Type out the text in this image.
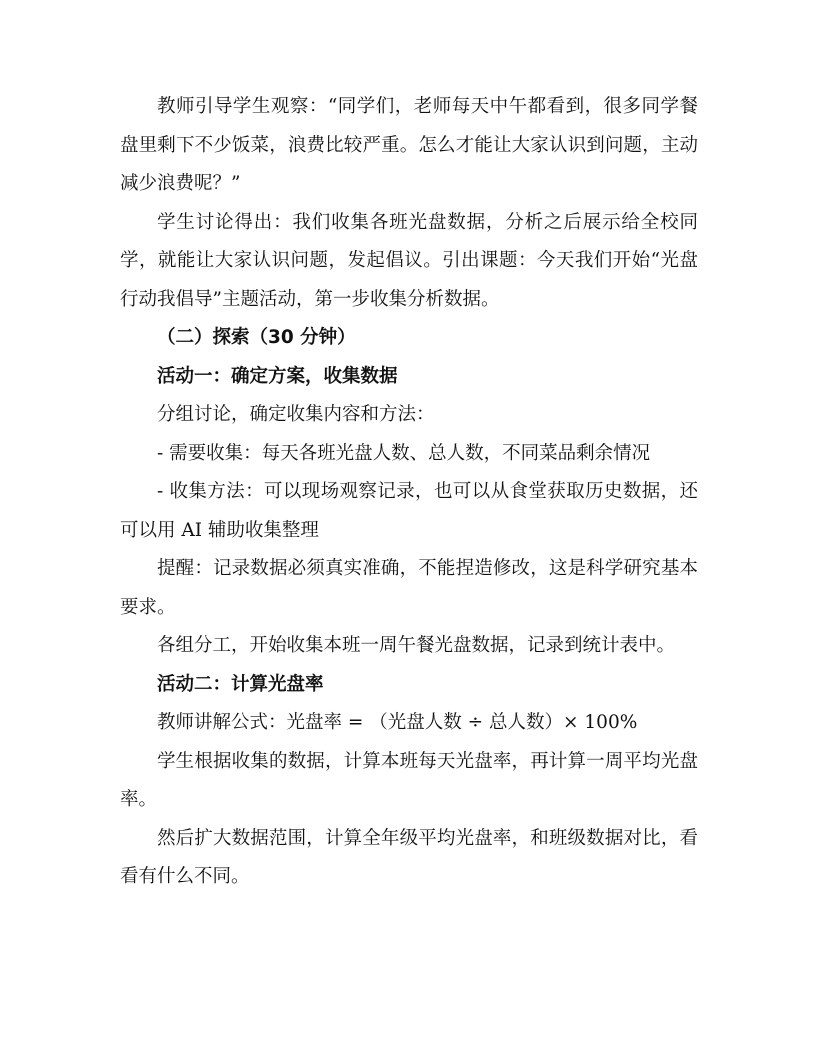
教师引导学生观察：“同学们，老师每天中午都看到，很多同学餐盘里剩下不少饭菜，浪费比较严重。怎么才能让大家认识到问题，主动减少浪费呢？”

学生讨论得出：我们收集各班光盘数据，分析之后展示给全校同学，就能让大家认识问题，发起倡议。引出课题：今天我们开始“光盘行动我倡导”主题活动，第一步收集分析数据。

（二）探索（30 分钟）

活动一：确定方案，收集数据

分组讨论，确定收集内容和方法：

- 需要收集：每天各班光盘人数、总人数，不同菜品剩余情况

- 收集方法：可以现场观察记录，也可以从食堂获取历史数据，还可以用 AI 辅助收集整理

提醒：记录数据必须真实准确，不能捏造修改，这是科学研究基本要求。

各组分工，开始收集本班一周午餐光盘数据，记录到统计表中。

活动二：计算光盘率

教师讲解公式：光盘率 = （光盘人数 ÷ 总人数）× 100%

学生根据收集的数据，计算本班每天光盘率，再计算一周平均光盘率。

然后扩大数据范围，计算全年级平均光盘率，和班级数据对比，看看有什么不同。
